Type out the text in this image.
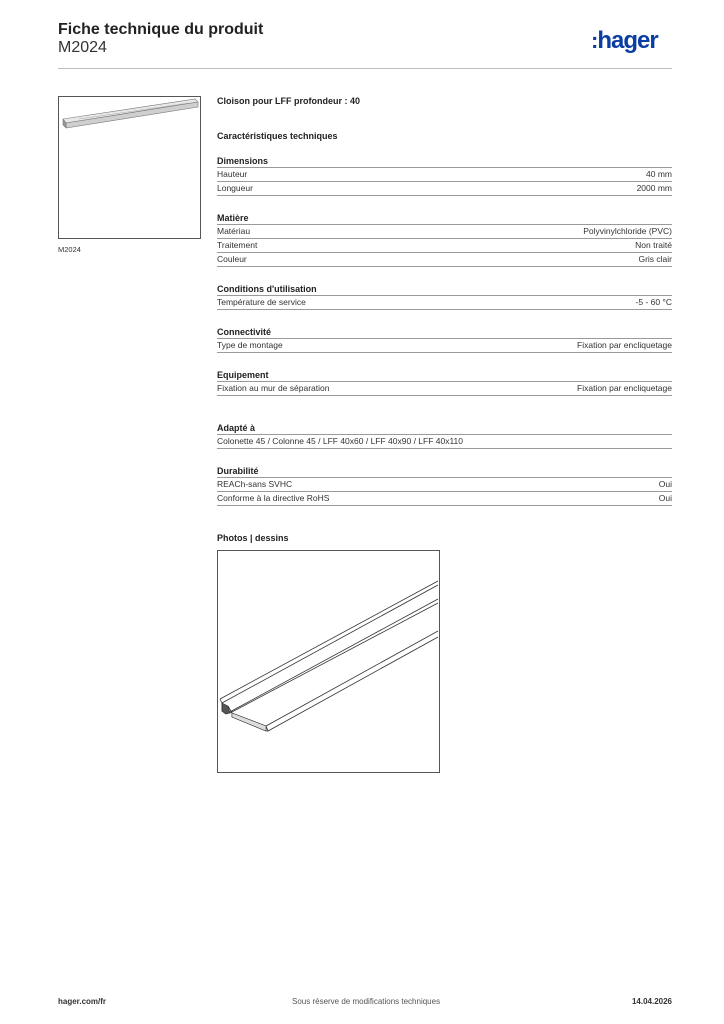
Fiche technique du produit
M2024	:hager
M2024
Cloison pour LFF profondeur : 40
Caractéristiques techniques
Dimensions
Hauteur	40 mm
Longueur	2000 mm
Matière
Matériau	Polyvinylchloride (PVC)
Traitement	Non traité
Couleur	Gris clair
Conditions d'utilisation
Température de service	-5 - 60 °C
Connectivité
Type de montage	Fixation par encliquetage
Equipement
Fixation au mur de séparation	Fixation par encliquetage
Adapté à
Colonette 45 / Colonne 45 / LFF 40x60 / LFF 40x90 / LFF 40x110
Durabilité
REACh-sans SVHC	Oui
Conforme à la directive RoHS	Oui
Photos | dessins
hager.com/fr	Sous réserve de modifications techniques	14.04.2026
